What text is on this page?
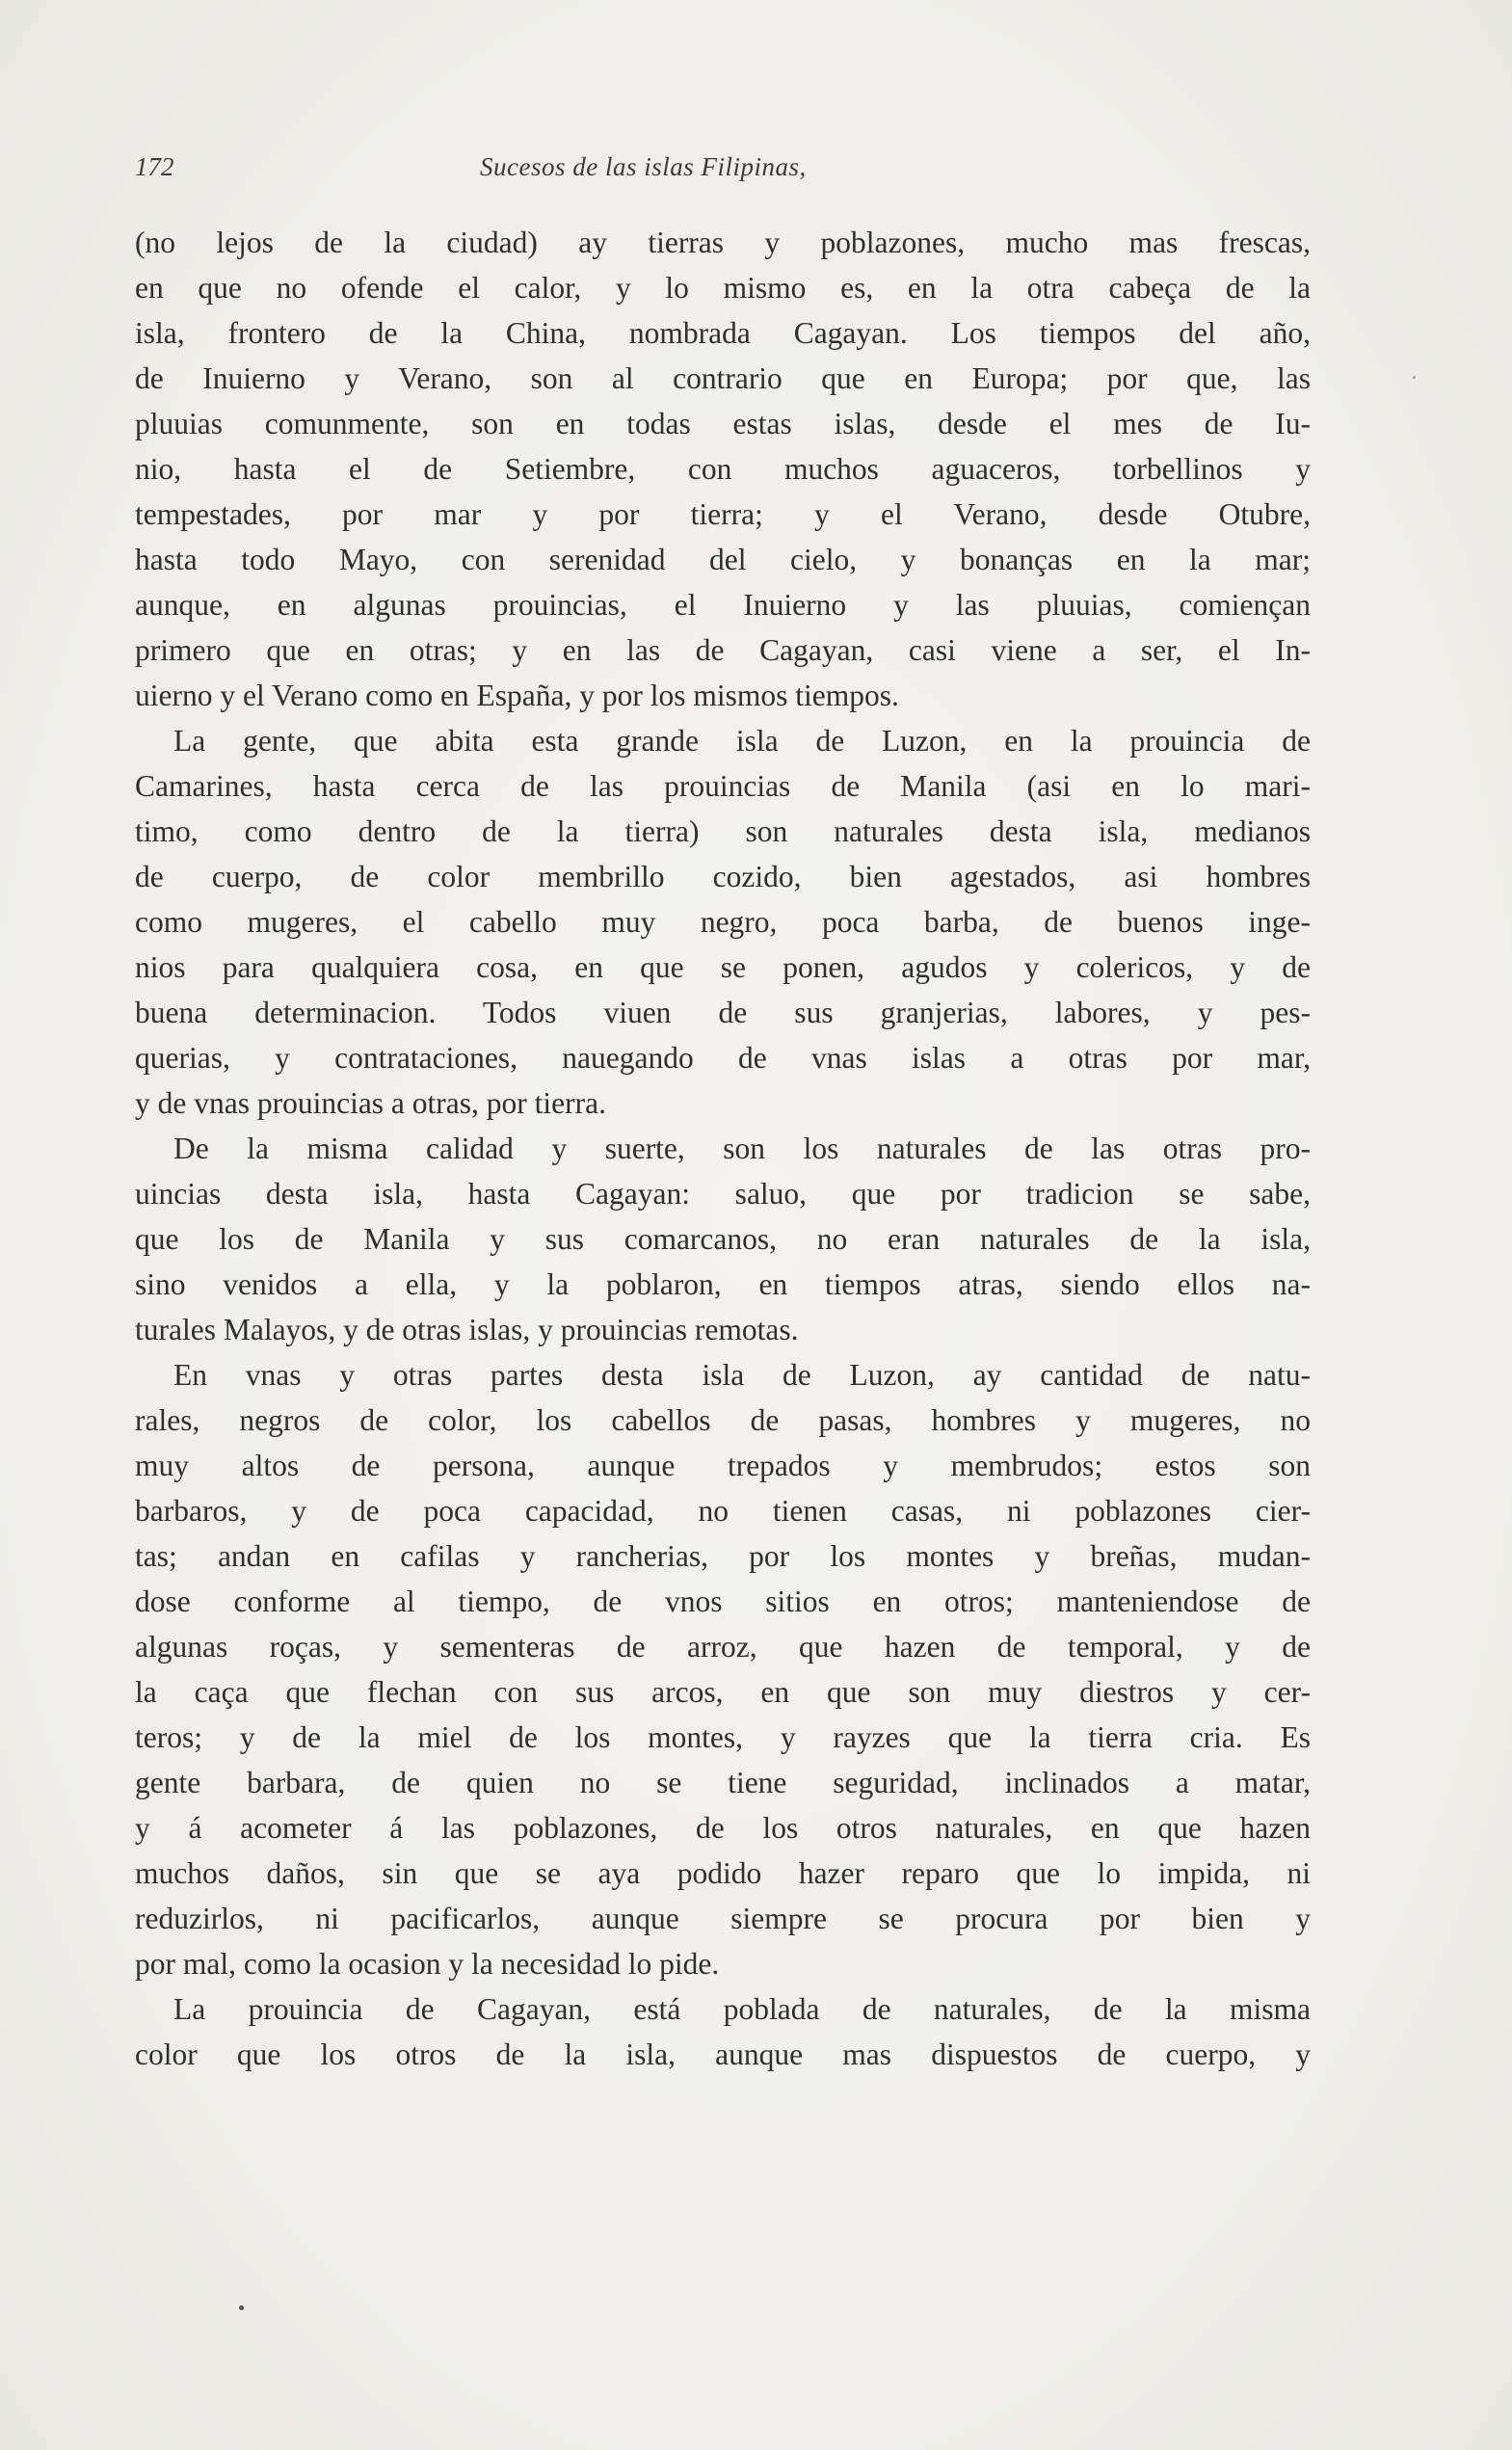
172	Sucesos de las islas Filipinas,

(no lejos de la ciudad) ay tierras y poblazones, mucho mas frescas,
en que no ofende el calor, y lo mismo es, en la otra cabeça de la
isla, frontero de la China, nombrada Cagayan. Los tiempos del año,
de Inuierno y Verano, son al contrario que en Europa; por que, las
pluuias comunmente, son en todas estas islas, desde el mes de Iu-
nio, hasta el de Setiembre, con muchos aguaceros, torbellinos y
tempestades, por mar y por tierra; y el Verano, desde Otubre,
hasta todo Mayo, con serenidad del cielo, y bonanças en la mar;
aunque, en algunas prouincias, el Inuierno y las pluuias, comiençan
primero que en otras; y en las de Cagayan, casi viene a ser, el In-
uierno y el Verano como en España, y por los mismos tiempos.

La gente, que abita esta grande isla de Luzon, en la prouincia de
Camarines, hasta cerca de las prouincias de Manila (asi en lo mari-
timo, como dentro de la tierra) son naturales desta isla, medianos
de cuerpo, de color membrillo cozido, bien agestados, asi hombres
como mugeres, el cabello muy negro, poca barba, de buenos inge-
nios para qualquiera cosa, en que se ponen, agudos y colericos, y de
buena determinacion. Todos viuen de sus granjerias, labores, y pes-
querias, y contrataciones, nauegando de vnas islas a otras por mar,
y de vnas prouincias a otras, por tierra.

De la misma calidad y suerte, son los naturales de las otras pro-
uincias desta isla, hasta Cagayan: saluo, que por tradicion se sabe,
que los de Manila y sus comarcanos, no eran naturales de la isla,
sino venidos a ella, y la poblaron, en tiempos atras, siendo ellos na-
turales Malayos, y de otras islas, y prouincias remotas.

En vnas y otras partes desta isla de Luzon, ay cantidad de natu-
rales, negros de color, los cabellos de pasas, hombres y mugeres, no
muy altos de persona, aunque trepados y membrudos; estos son
barbaros, y de poca capacidad, no tienen casas, ni poblazones cier-
tas; andan en cafilas y rancherias, por los montes y breñas, mudan-
dose conforme al tiempo, de vnos sitios en otros; manteniendose de
algunas roças, y sementeras de arroz, que hazen de temporal, y de
la caça que flechan con sus arcos, en que son muy diestros y cer-
teros; y de la miel de los montes, y rayzes que la tierra cria. Es
gente barbara, de quien no se tiene seguridad, inclinados a matar,
y á acometer á las poblazones, de los otros naturales, en que hazen
muchos daños, sin que se aya podido hazer reparo que lo impida, ni
reduzirlos, ni pacificarlos, aunque siempre se procura por bien y
por mal, como la ocasion y la necesidad lo pide.

La prouincia de Cagayan, está poblada de naturales, de la misma
color que los otros de la isla, aunque mas dispuestos de cuerpo, y
